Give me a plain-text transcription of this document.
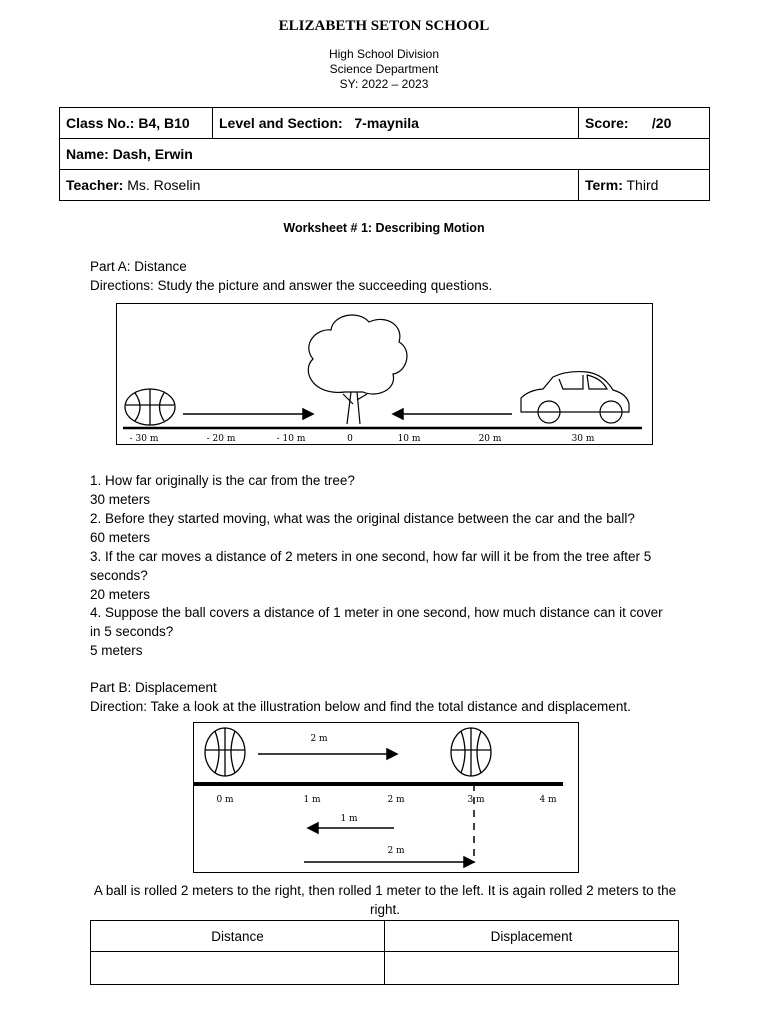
ELIZABETH SETON SCHOOL
High School Division
Science Department
SY: 2022 – 2023
Class No.: B4, B10	Level and Section: 7-maynila	Score: /20
Name: Dash, Erwin		
Teacher: Ms. Roselin		Term: Third
Worksheet # 1: Describing Motion
Part A: Distance
Directions: Study the picture and answer the succeeding questions.
- 30 m	- 20 m	- 10 m	0	10 m	20 m	30 m
1. How far originally is the car from the tree?
30 meters
2. Before they started moving, what was the original distance between the car and the ball?
60 meters
3. If the car moves a distance of 2 meters in one second, how far will it be from the tree after 5
seconds?
20 meters
4. Suppose the ball covers a distance of 1 meter in one second, how much distance can it cover
in 5 seconds?
5 meters
Part B: Displacement
Direction: Take a look at the illustration below and find the total distance and displacement.
2 m
0 m	1 m	2 m	3 m	4 m
1 m
2 m
A ball is rolled 2 meters to the right, then rolled 1 meter to the left. It is again rolled 2 meters to the right.
Distance	Displacement
